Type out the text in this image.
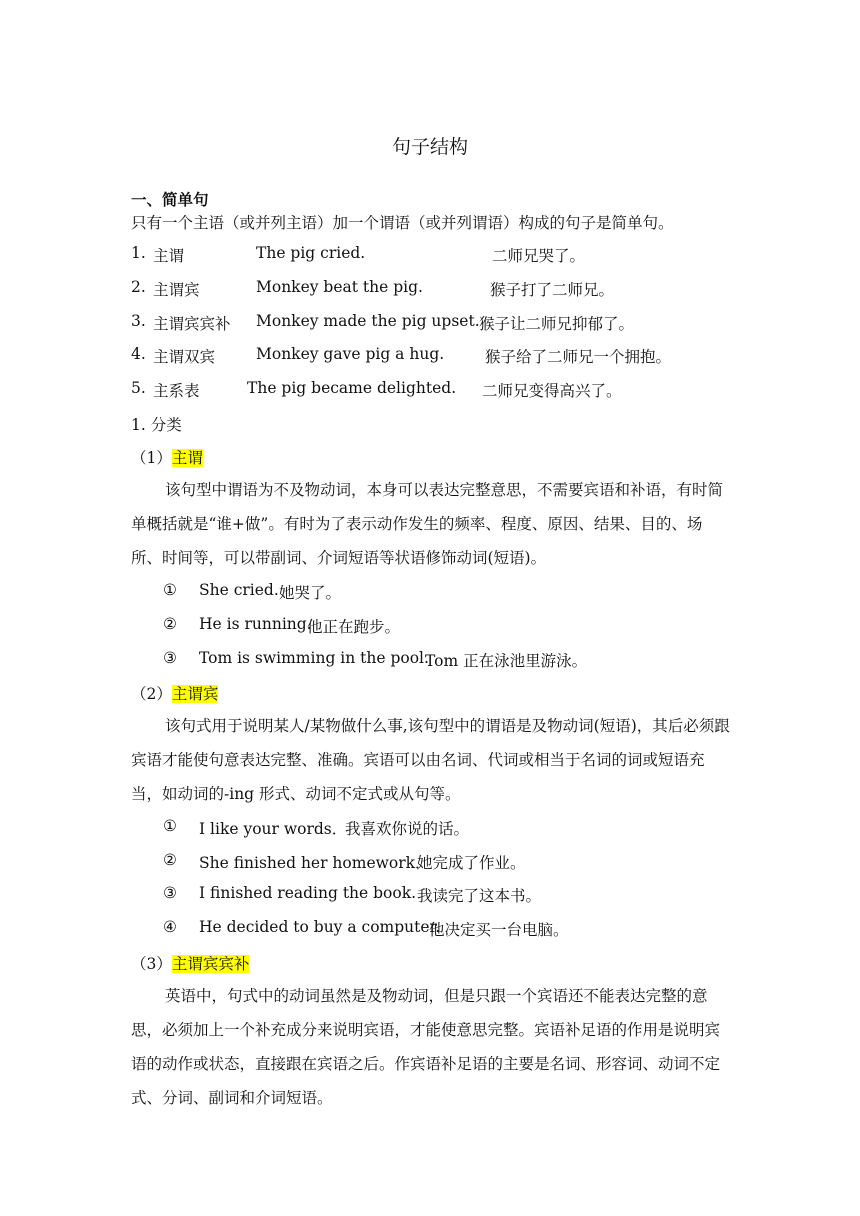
句子结构
一、简单句
只有一个主语（或并列主语）加一个谓语（或并列谓语）构成的句子是简单句。
1. 主谓	The pig cried.	二师兄哭了。
2. 主谓宾	Monkey beat the pig.	猴子打了二师兄。
3. 主谓宾宾补 Monkey made the pig upset. 猴子让二师兄抑郁了。
4. 主谓双宾	Monkey gave pig a hug.	猴子给了二师兄一个拥抱。
5. 主系表	The pig became delighted. 二师兄变得高兴了。
1. 分类
（1）主谓
该句型中谓语为不及物动词，本身可以表达完整意思，不需要宾语和补语，有时简单概括就是“谁+做”。有时为了表示动作发生的频率、程度、原因、结果、目的、场所、时间等，可以带副词、介词短语等状语修饰动词(短语)。
① She cried. 她哭了。
② He is running.
他正在跑步。
③ Tom is swimming in the pool.
Tom 正在泳池里游泳。
（2）主谓宾
该句式用于说明某人/某物做什么事,该句型中的谓语是及物动词(短语)，其后必须跟宾语才能使句意表达完整、准确。宾语可以由名词、代词或相当于名词的词或短语充当，如动词的-ing 形式、动词不定式或从句等。
① I like your words．
我喜欢你说的话。
② She finished her homework．
她完成了作业。
③ I finished reading the book. 我读完了这本书。
④ He decided to buy a computer.
他决定买一台电脑。
（3）主谓宾宾补
英语中，句式中的动词虽然是及物动词，但是只跟一个宾语还不能表达完整的意思，必须加上一个补充成分来说明宾语，才能使意思完整。宾语补足语的作用是说明宾语的动作或状态，直接跟在宾语之后。作宾语补足语的主要是名词、形容词、动词不定式、分词、副词和介词短语。
